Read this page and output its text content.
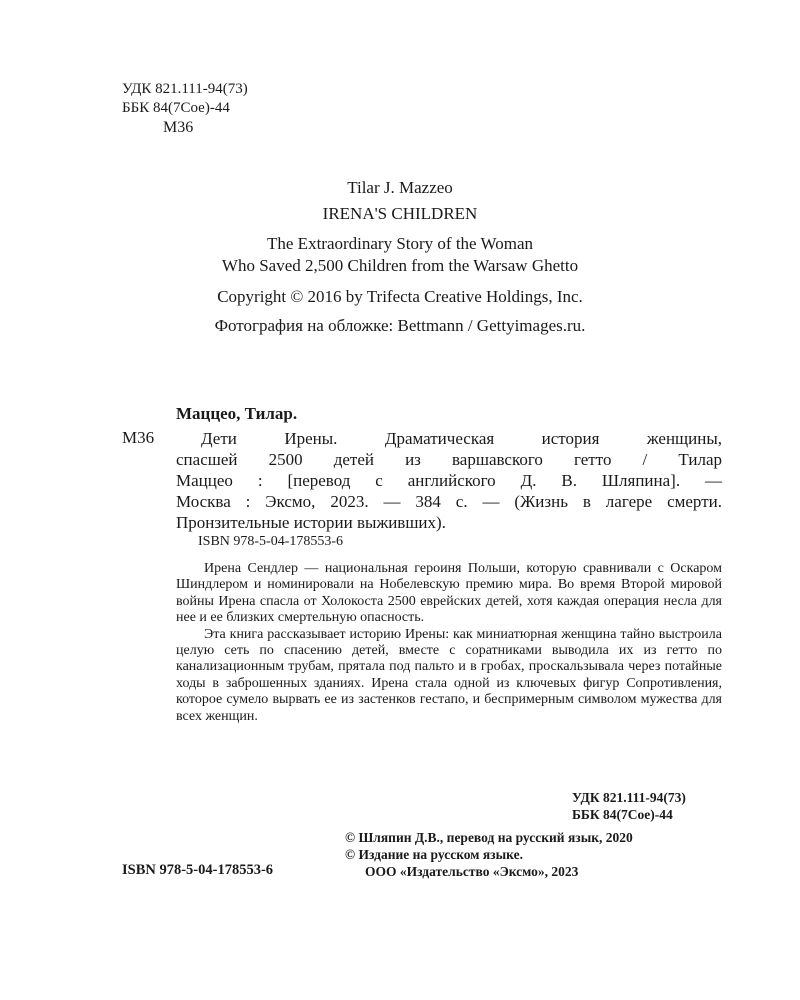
УДК 821.111-94(73)
ББК 84(7Сое)-44
М36
Tilar J. Mazzeo
IRENA'S CHILDREN
The Extraordinary Story of the Woman
Who Saved 2,500 Children from the Warsaw Ghetto
Copyright © 2016 by Trifecta Creative Holdings, Inc.
Фотография на обложке: Bettmann / Gettyimages.ru.
Маццео, Тилар.
М36	Дети Ирены. Драматическая история женщины,
спасшей 2500 детей из варшавского гетто / Тилар
Маццео : [перевод с английского Д. В. Шляпина]. —
Москва : Эксмо, 2023. — 384 с. — (Жизнь в лагере смерти.
Пронзительные истории выживших).
ISBN 978-5-04-178553-6

Ирена Сендлер — национальная героиня Польши, которую сравнивали с Оскаром Шиндлером и номинировали на Нобелевскую премию мира. Во время Второй мировой войны Ирена спасла от Холокоста 2500 еврейских детей, хотя каждая операция несла для нее и ее близких смертельную опасность.

Эта книга рассказывает историю Ирены: как миниатюрная женщина тайно выстроила целую сеть по спасению детей, вместе с соратниками выводила их из гетто по канализационным трубам, прятала под пальто и в гробах, проскальзывала через потайные ходы в заброшенных зданиях. Ирена стала одной из ключевых фигур Сопротивления, которое сумело вырвать ее из застенков гестапо, и беспримерным символом мужества для всех женщин.

УДК 821.111-94(73)
ББК 84(7Сое)-44
© Шляпин Д.В., перевод на русский язык, 2020
© Издание на русском языке.
ООО «Издательство «Эксмо», 2023
ISBN 978-5-04-178553-6
